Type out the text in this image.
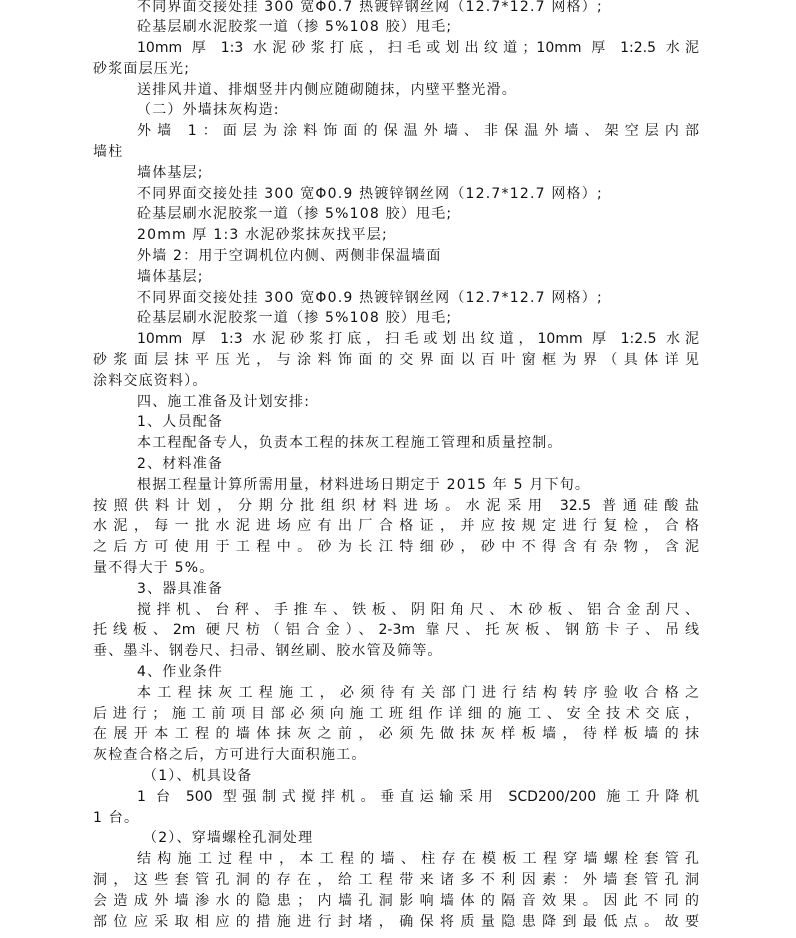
不同界面交接处挂 300 宽Φ0.7 热镀锌钢丝网（12.7*12.7 网格）;
砼基层刷水泥胶浆一道（掺 5%108 胶）甩毛;
10mm 厚 1:3 水泥砂浆打底，扫毛或划出纹道；10mm 厚 1:2.5 水泥
砂浆面层压光;
送排风井道、排烟竖井内侧应随砌随抹，内壁平整光滑。
（二）外墙抹灰构造:
外墙 1：面层为涂料饰面的保温外墙、非保温外墙、架空层内部
墙柱
墙体基层;
不同界面交接处挂 300 宽Φ0.9 热镀锌钢丝网（12.7*12.7 网格）;
砼基层刷水泥胶浆一道（掺 5%108 胶）甩毛;
20mm 厚 1:3 水泥砂浆抹灰找平层;
外墙 2：用于空调机位内侧、两侧非保温墙面
墙体基层;
不同界面交接处挂 300 宽Φ0.9 热镀锌钢丝网（12.7*12.7 网格）;
砼基层刷水泥胶浆一道（掺 5%108 胶）甩毛;
10mm 厚 1:3 水泥砂浆打底，扫毛或划出纹道，10mm 厚 1:2.5 水泥
砂浆面层抹平压光，与涂料饰面的交界面以百叶窗框为界（具体详见
涂料交底资料）。
四、施工准备及计划安排:
1、人员配备
本工程配备专人，负责本工程的抹灰工程施工管理和质量控制。
2、材料准备
根据工程量计算所需用量，材料进场日期定于 2015 年 5 月下旬。
按照供料计划，分期分批组织材料进场。水泥采用 32.5 普通硅酸盐
水泥，每一批水泥进场应有出厂合格证，并应按规定进行复检，合格
之后方可使用于工程中。砂为长江特细砂，砂中不得含有杂物，含泥
量不得大于 5%。
3、器具准备
搅拌机、台秤、手推车、铁板、阴阳角尺、木砂板、铝合金刮尺、
托线板、2m 硬尺枋（铝合金）、2-3m 靠尺、托灰板、钢筋卡子、吊线
垂、墨斗、钢卷尺、扫帚、钢丝刷、胶水管及筛等。
4、作业条件
本工程抹灰工程施工，必须待有关部门进行结构转序验收合格之
后进行；施工前项目部必须向施工班组作详细的施工、安全技术交底，
在展开本工程的墙体抹灰之前，必须先做抹灰样板墙，待样板墙的抹
灰检查合格之后，方可进行大面积施工。
（1）、机具设备
1 台 500 型强制式搅拌机。垂直运输采用 SCD200/200 施工升降机
1 台。
（2）、穿墙螺栓孔洞处理
结构施工过程中，本工程的墙、柱存在模板工程穿墙螺栓套管孔
洞，这些套管孔洞的存在，给工程带来诸多不利因素：外墙套管孔洞
会造成外墙渗水的隐患；内墙孔洞影响墙体的隔音效果。因此不同的
部位应采取相应的措施进行封堵，确保将质量隐患降到最低点。故要
